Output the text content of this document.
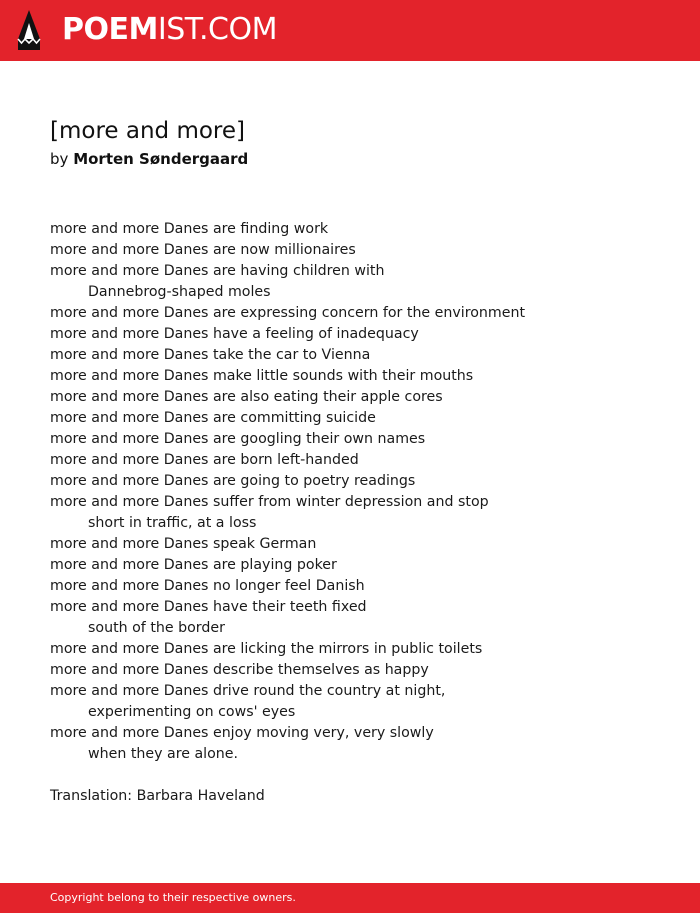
POEMIST.COM
[more and more]
by Morten Søndergaard
more and more Danes are finding work
more and more Danes are now millionaires
more and more Danes are having children with
Dannebrog-shaped moles
more and more Danes are expressing concern for the environment
more and more Danes have a feeling of inadequacy
more and more Danes take the car to Vienna
more and more Danes make little sounds with their mouths
more and more Danes are also eating their apple cores
more and more Danes are committing suicide
more and more Danes are googling their own names
more and more Danes are born left-handed
more and more Danes are going to poetry readings
more and more Danes suffer from winter depression and stop
short in traffic, at a loss
more and more Danes speak German
more and more Danes are playing poker
more and more Danes no longer feel Danish
more and more Danes have their teeth fixed
south of the border
more and more Danes are licking the mirrors in public toilets
more and more Danes describe themselves as happy
more and more Danes drive round the country at night,
experimenting on cows' eyes
more and more Danes enjoy moving very, very slowly
when they are alone.
Translation: Barbara Haveland
Copyright belong to their respective owners.
